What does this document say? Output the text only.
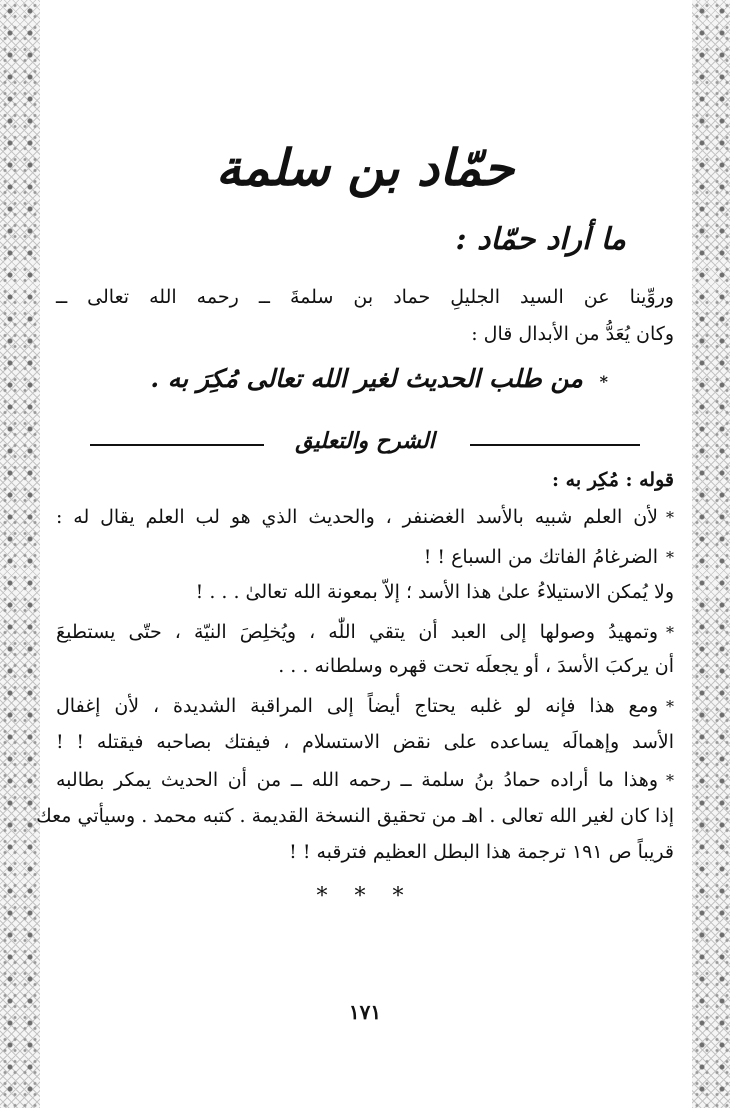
حمّاد بن سلمة
ما أراد حمّاد :
وروِّينا عن السيد الجليلِ حماد بن سلمةَ ــ رحمه الله تعالى ــ
وكان يُعَدُّ من الأبدال قال :
* من طلب الحديث لغير الله تعالى مُكِرَ به .
الشرح والتعليق
قوله : مُكِر به :
*لأن العلم شبيه بالأسد الغضنفر ، والحديث الذي هو لب العلم يقال له :
*الضرغامُ الفاتك من السباع ! !
ولا يُمكن الاستيلاءُ علىٰ هذا الأسد ؛ إلاّ بمعونة الله تعالىٰ . . . !
*وتمهيدُ وصولها إلى العبد أن يتقي اللّٰه ، ويُخلِصَ النيّة ، حتّى يستطيعَ
أن يركبَ الأسدَ ، أو يجعلَه تحت قهره وسلطانه . . .
*ومع هذا فإنه لو غلبه يحتاج أيضاً إلى المراقبة الشديدة ، لأن إغفال
الأسد وإهمالَه يساعده على نقض الاستسلام ، فيفتك بصاحبه فيقتله ! !
*وهذا ما أراده حمادُ بنُ سلمة ــ رحمه الله ــ من أن الحديث يمكر بطالبه
إذا كان لغير الله تعالى . اهـ من تحقيق النسخة القديمة . كتبه محمد . وسيأتي معك
قريباً ص ١٩١ ترجمة هذا البطل العظيم فترقبه ! !
* * *
١٧١
